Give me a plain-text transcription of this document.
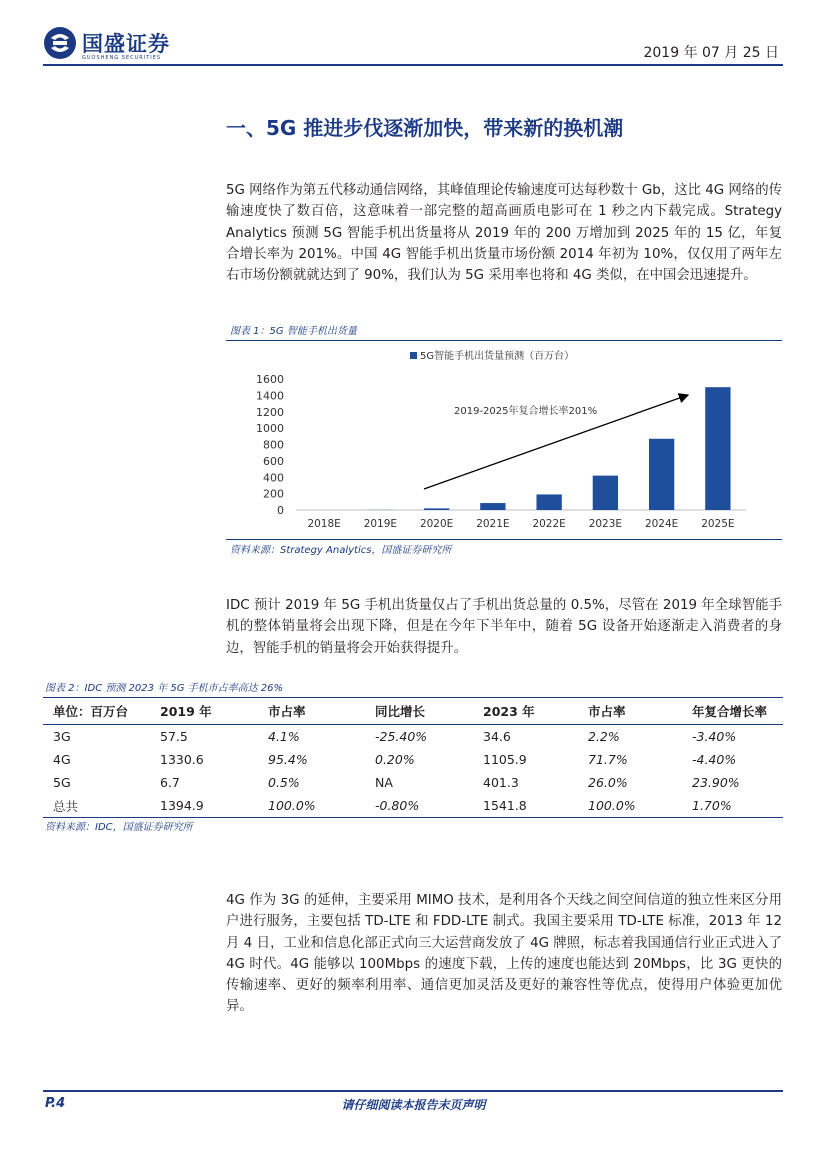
国盛证券
GUOSHENG SECURITIES	2019 年 07 月 25 日
一、5G 推进步伐逐渐加快，带来新的换机潮

5G 网络作为第五代移动通信网络，其峰值理论传输速度可达每秒数十 Gb，这比 4G 网络的传输速度快了数百倍，这意味着一部完整的超高画质电影可在 1 秒之内下载完成。Strategy Analytics 预测 5G 智能手机出货量将从 2019 年的 200 万增加到 2025 年的 15 亿，年复合增长率为 201%。中国 4G 智能手机出货量市场份额 2014 年初为 10%，仅仅用了两年左右市场份额就就达到了 90%，我们认为 5G 采用率也将和 4G 类似，在中国会迅速提升。

图表 1：5G 智能手机出货量
5G智能手机出货量预测（百万台）
0
200
400
600
800
1000
1200
1400
1600
2018E 2019E 2020E 2021E 2022E 2023E 2024E 2025E
2019-2025年复合增长率201%
资料来源：Strategy Analytics，国盛证券研究所

IDC 预计 2019 年 5G 手机出货量仅占了手机出货总量的 0.5%，尽管在 2019 年全球智能手机的整体销量将会出现下降，但是在今年下半年中，随着 5G 设备开始逐渐走入消费者的身边，智能手机的销量将会开始获得提升。

图表 2：IDC 预测 2023 年 5G 手机市占率高达 26%
单位：百万台	2019 年	市占率	同比增长	2023 年	市占率	年复合增长率
3G	57.5	4.1%	-25.40%	34.6	2.2%	-3.40%
4G	1330.6	95.4%	0.20%	1105.9	71.7%	-4.40%
5G	6.7	0.5%	NA	401.3	26.0%	23.90%
总共	1394.9	100.0%	-0.80%	1541.8	100.0%	1.70%
资料来源：IDC，国盛证券研究所

4G 作为 3G 的延伸，主要采用 MIMO 技术，是利用各个天线之间空间信道的独立性来区分用户进行服务，主要包括 TD-LTE 和 FDD-LTE 制式。我国主要采用 TD-LTE 标准，2013 年 12 月 4 日，工业和信息化部正式向三大运营商发放了 4G 牌照，标志着我国通信行业正式进入了 4G 时代。4G 能够以 100Mbps 的速度下载，上传的速度也能达到 20Mbps，比 3G 更快的传输速率、更好的频率利用率、通信更加灵活及更好的兼容性等优点，使得用户体验更加优异。

请仔细阅读本报告末页声明
P.4
